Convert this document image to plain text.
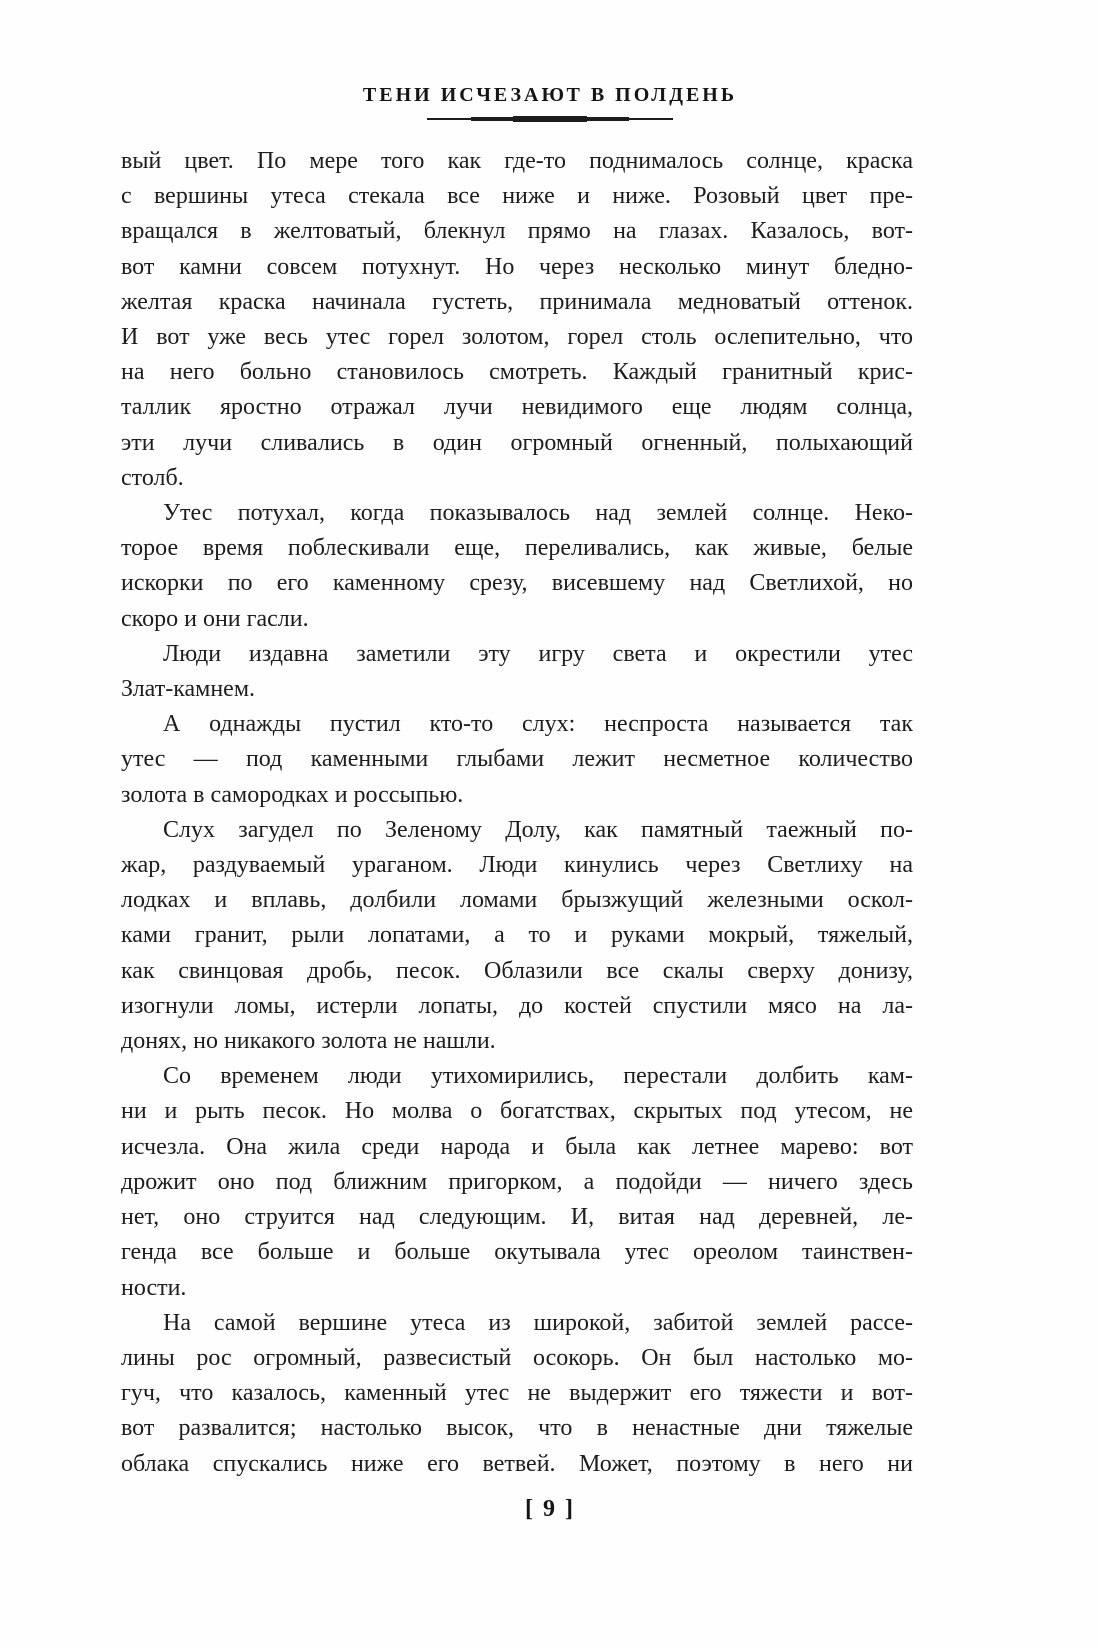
ТЕНИ ИСЧЕЗАЮТ В ПОЛДЕНЬ

вый цвет. По мере того как где-то поднималось солнце, краска
с вершины утеса стекала все ниже и ниже. Розовый цвет пре-
вращался в желтоватый, блекнул прямо на глазах. Казалось, вот-
вот камни совсем потухнут. Но через несколько минут бледно-
желтая краска начинала густеть, принимала медноватый оттенок.
И вот уже весь утес горел золотом, горел столь ослепительно, что
на него больно становилось смотреть. Каждый гранитный крис-
таллик яростно отражал лучи невидимого еще людям солнца,
эти лучи сливались в один огромный огненный, полыхающий
столб.

Утес потухал, когда показывалось над землей солнце. Неко-
торое время поблескивали еще, переливались, как живые, белые
искорки по его каменному срезу, висевшему над Светлихой, но
скоро и они гасли.

Люди издавна заметили эту игру света и окрестили утес
Злат-камнем.

А однажды пустил кто-то слух: неспроста называется так
утес — под каменными глыбами лежит несметное количество
золота в самородках и россыпью.

Слух загудел по Зеленому Долу, как памятный таежный по-
жар, раздуваемый ураганом. Люди кинулись через Светлиху на
лодках и вплавь, долбили ломами брызжущий железными оскол-
ками гранит, рыли лопатами, а то и руками мокрый, тяжелый,
как свинцовая дробь, песок. Облазили все скалы сверху донизу,
изогнули ломы, истерли лопаты, до костей спустили мясо на ла-
донях, но никакого золота не нашли.

Со временем люди утихомирились, перестали долбить кам-
ни и рыть песок. Но молва о богатствах, скрытых под утесом, не
исчезла. Она жила среди народа и была как летнее марево: вот
дрожит оно под ближним пригорком, а подойди — ничего здесь
нет, оно струится над следующим. И, витая над деревней, ле-
генда все больше и больше окутывала утес ореолом таинствен-
ности.

На самой вершине утеса из широкой, забитой землей рассе-
лины рос огромный, развесистый осокорь. Он был настолько мо-
гуч, что казалось, каменный утес не выдержит его тяжести и вот-
вот развалится; настолько высок, что в ненастные дни тяжелые
облака спускались ниже его ветвей. Может, поэтому в него ни

[ 9 ]
